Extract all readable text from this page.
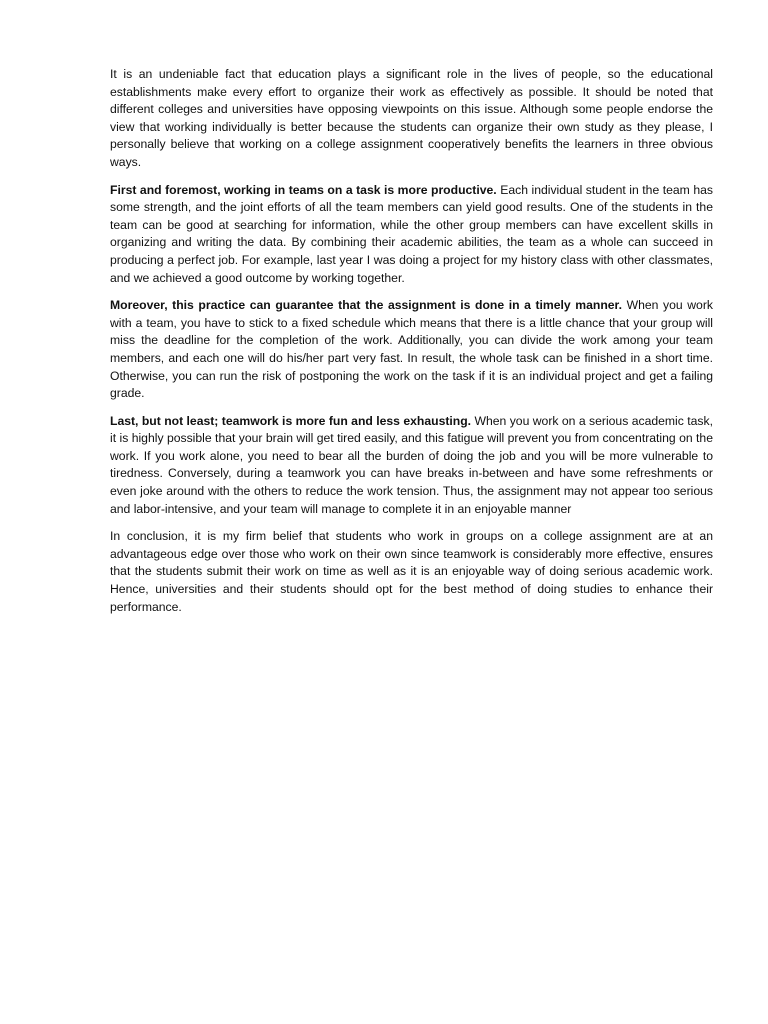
It is an undeniable fact that education plays a significant role in the lives of people, so the educational establishments make every effort to organize their work as effectively as possible. It should be noted that different colleges and universities have opposing viewpoints on this issue. Although some people endorse the view that working individually is better because the students can organize their own study as they please, I personally believe that working on a college assignment cooperatively benefits the learners in three obvious ways.

First and foremost, working in teams on a task is more productive. Each individual student in the team has some strength, and the joint efforts of all the team members can yield good results. One of the students in the team can be good at searching for information, while the other group members can have excellent skills in organizing and writing the data. By combining their academic abilities, the team as a whole can succeed in producing a perfect job. For example, last year I was doing a project for my history class with other classmates, and we achieved a good outcome by working together.

Moreover, this practice can guarantee that the assignment is done in a timely manner. When you work with a team, you have to stick to a fixed schedule which means that there is a little chance that your group will miss the deadline for the completion of the work. Additionally, you can divide the work among your team members, and each one will do his/her part very fast. In result, the whole task can be finished in a short time. Otherwise, you can run the risk of postponing the work on the task if it is an individual project and get a failing grade.

Last, but not least; teamwork is more fun and less exhausting. When you work on a serious academic task, it is highly possible that your brain will get tired easily, and this fatigue will prevent you from concentrating on the work. If you work alone, you need to bear all the burden of doing the job and you will be more vulnerable to tiredness. Conversely, during a teamwork you can have breaks in-between and have some refreshments or even joke around with the others to reduce the work tension. Thus, the assignment may not appear too serious and labor-intensive, and your team will manage to complete it in an enjoyable manner

In conclusion, it is my firm belief that students who work in groups on a college assignment are at an advantageous edge over those who work on their own since teamwork is considerably more effective, ensures that the students submit their work on time as well as it is an enjoyable way of doing serious academic work. Hence, universities and their students should opt for the best method of doing studies to enhance their performance.
